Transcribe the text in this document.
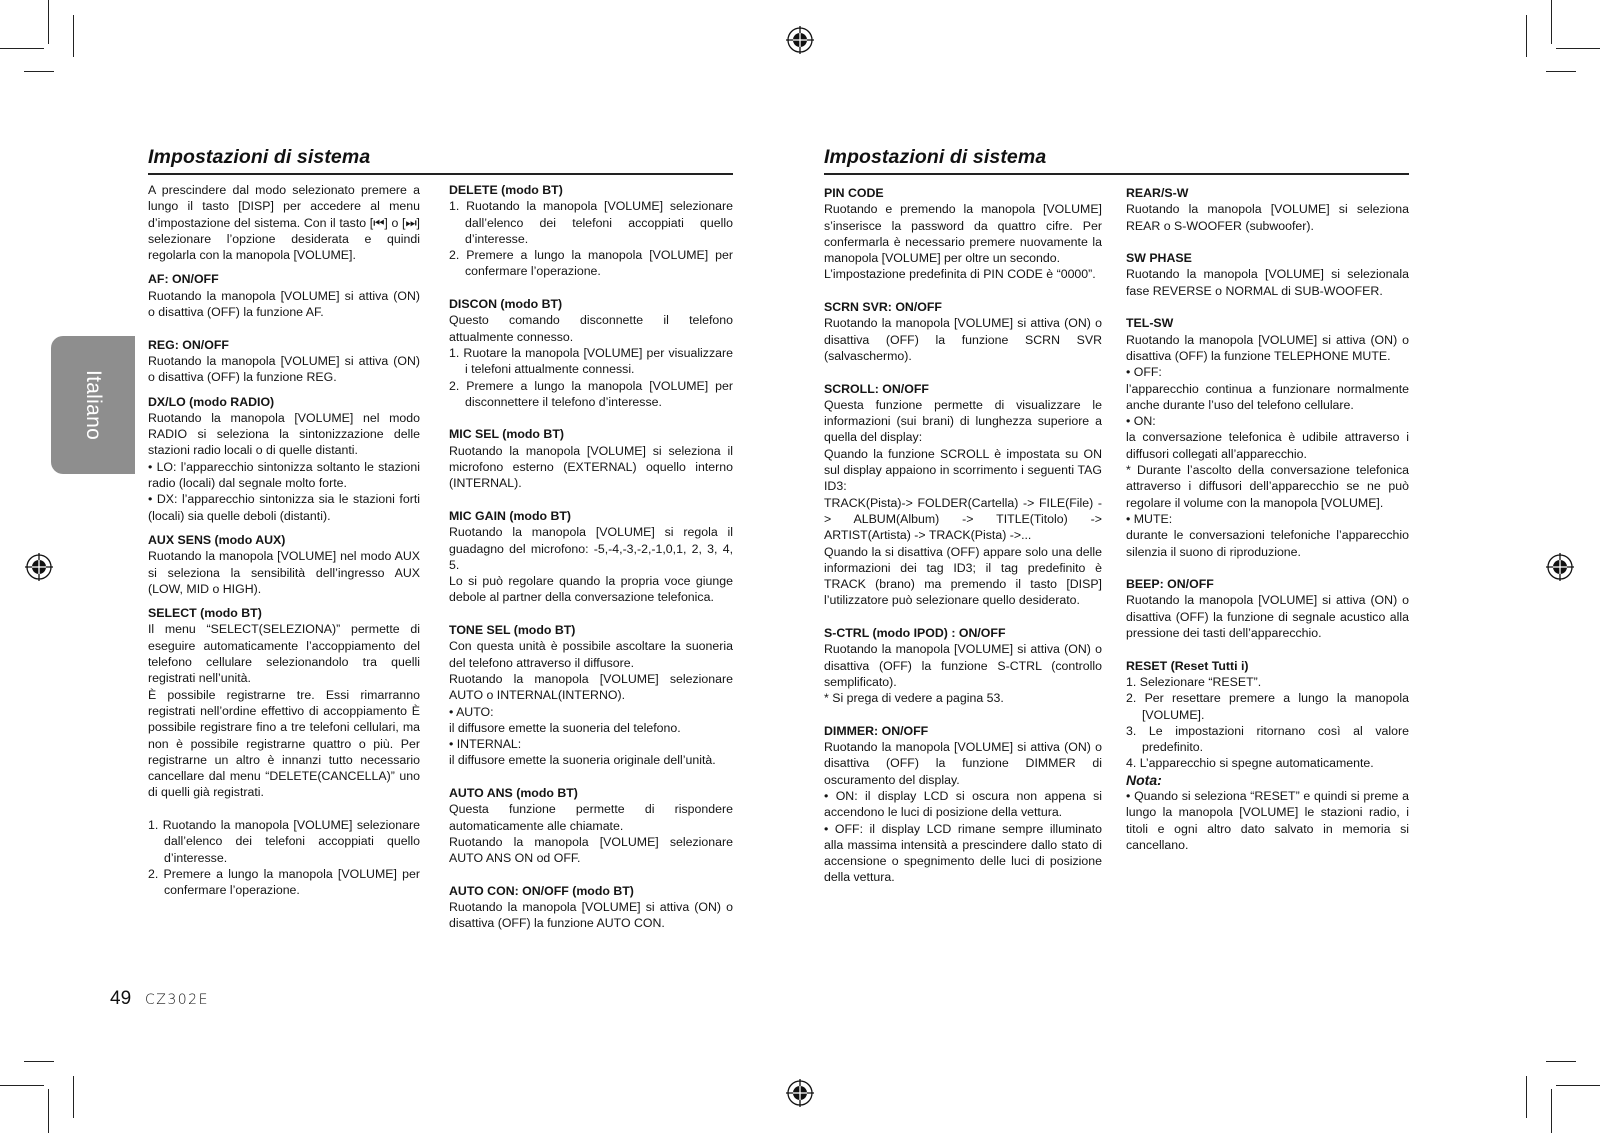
Impostazioni di sistema	Impostazioni di sistema
Italiano

A prescindere dal modo selezionato premere a lungo il tasto [DISP] per accedere al menu d’impostazione del sistema. Con il tasto [⏮] o [⏭] selezionare l’opzione desiderata e quindi regolarla con la manopola [VOLUME].

AF: ON/OFF

Ruotando la manopola [VOLUME] si attiva (ON) o disattiva (OFF) la funzione AF.

REG: ON/OFF

Ruotando la manopola [VOLUME] si attiva (ON) o disattiva (OFF) la funzione REG.

DX/LO (modo RADIO)

Ruotando la manopola [VOLUME] nel modo RADIO si seleziona la sintonizzazione delle stazioni radio locali o di quelle distanti.

• LO: l’apparecchio sintonizza soltanto le stazioni radio (locali) dal segnale molto forte.

• DX: l’apparecchio sintonizza sia le stazioni forti (locali) sia quelle deboli (distanti).

AUX SENS (modo AUX)

Ruotando la manopola [VOLUME] nel modo AUX si seleziona la sensibilità dell’ingresso AUX (LOW, MID o HIGH).

SELECT (modo BT)

Il menu “SELECT(SELEZIONA)” permette di eseguire automaticamente l’accoppiamento del telefono cellulare selezionandolo tra quelli registrati nell’unità.

È possibile registrarne tre. Essi rimarranno registrati nell’ordine effettivo di accoppiamento È possibile registrare fino a tre telefoni cellulari, ma non è possibile registrarne quattro o più. Per registrarne un altro è innanzi tutto necessario cancellare dal menu “DELETE(CANCELLA)” uno di quelli già registrati.

1. Ruotando la manopola [VOLUME] selezionare dall’elenco dei telefoni accoppiati quello d’interesse.

2. Premere a lungo la manopola [VOLUME] per confermare l’operazione.

DELETE (modo BT)

1. Ruotando la manopola [VOLUME] selezionare dall’elenco dei telefoni accoppiati quello d’interesse.

2. Premere a lungo la manopola [VOLUME] per confermare l’operazione.

DISCON (modo BT)

Questo comando disconnette il telefono attualmente connesso.

1. Ruotare la manopola [VOLUME] per visualizzare i telefoni attualmente connessi.

2. Premere a lungo la manopola [VOLUME] per disconnettere il telefono d’interesse.

MIC SEL (modo BT)

Ruotando la manopola [VOLUME] si seleziona il microfono esterno (EXTERNAL) oquello interno (INTERNAL).

MIC GAIN (modo BT)

Ruotando la manopola [VOLUME] si regola il guadagno del microfono: -5,-4,-3,-2,-1,0,1, 2, 3, 4, 5.

Lo si può regolare quando la propria voce giunge debole al partner della conversazione telefonica.

TONE SEL (modo BT)

Con questa unità è possibile ascoltare la suoneria del telefono attraverso il diffusore.

Ruotando la manopola [VOLUME] selezionare AUTO o INTERNAL(INTERNO).

• AUTO:

il diffusore emette la suoneria del telefono.

• INTERNAL:

il diffusore emette la suoneria originale dell’unità.

AUTO ANS (modo BT)

Questa funzione permette di rispondere automaticamente alle chiamate.

Ruotando la manopola [VOLUME] selezionare AUTO ANS ON od OFF.

AUTO CON: ON/OFF (modo BT)

Ruotando la manopola [VOLUME] si attiva (ON) o disattiva (OFF) la funzione AUTO CON.

PIN CODE

Ruotando e premendo la manopola [VOLUME] s’inserisce la password da quattro cifre. Per confermarla è necessario premere nuovamente la manopola [VOLUME] per oltre un secondo.

L’impostazione predefinita di PIN CODE è “0000”.

SCRN SVR: ON/OFF

Ruotando la manopola [VOLUME] si attiva (ON) o disattiva (OFF) la funzione SCRN SVR (salvaschermo).

SCROLL: ON/OFF

Questa funzione permette di visualizzare le informazioni (sui brani) di lunghezza superiore a quella del display:

Quando la funzione SCROLL è impostata su ON sul display appaiono in scorrimento i seguenti TAG ID3:

TRACK(Pista)-> FOLDER(Cartella) -> FILE(File) -> ALBUM(Album) -> TITLE(Titolo) -> ARTIST(Artista) -> TRACK(Pista) ->...

Quando la si disattiva (OFF) appare solo una delle informazioni dei tag ID3; il tag predefinito è TRACK (brano) ma premendo il tasto [DISP] l’utilizzatore può selezionare quello desiderato.

S-CTRL (modo IPOD) : ON/OFF

Ruotando la manopola [VOLUME] si attiva (ON) o disattiva (OFF) la funzione S-CTRL (controllo semplificato).

* Si prega di vedere a pagina 53.

DIMMER: ON/OFF

Ruotando la manopola [VOLUME] si attiva (ON) o disattiva (OFF) la funzione DIMMER di oscuramento del display.

• ON: il display LCD si oscura non appena si accendono le luci di posizione della vettura.

• OFF: il display LCD rimane sempre illuminato alla massima intensità a prescindere dallo stato di accensione o spegnimento delle luci di posizione della vettura.

REAR/S-W

Ruotando la manopola [VOLUME] si seleziona REAR o S-WOOFER (subwoofer).

SW PHASE

Ruotando la manopola [VOLUME] si selezionala fase REVERSE o NORMAL di SUB-WOOFER.

TEL-SW

Ruotando la manopola [VOLUME] si attiva (ON) o disattiva (OFF) la funzione TELEPHONE MUTE.

• OFF:

l’apparecchio continua a funzionare normalmente anche durante l’uso del telefono cellulare.

• ON:

la conversazione telefonica è udibile attraverso i diffusori collegati all’apparecchio.

* Durante l’ascolto della conversazione telefonica attraverso i diffusori dell’apparecchio se ne può regolare il volume con la manopola [VOLUME].

• MUTE:

durante le conversazioni telefoniche l’apparecchio silenzia il suono di riproduzione.

BEEP: ON/OFF

Ruotando la manopola [VOLUME] si attiva (ON) o disattiva (OFF) la funzione di segnale acustico alla pressione dei tasti dell’apparecchio.

RESET (Reset Tutti i)

1. Selezionare “RESET”.

2. Per resettare premere a lungo la manopola [VOLUME].

3. Le impostazioni ritornano così al valore predefinito.

4. L’apparecchio si spegne automaticamente.

Nota:

• Quando si seleziona “RESET” e quindi si preme a lungo la manopola [VOLUME] le stazioni radio, i titoli e ogni altro dato salvato in memoria si cancellano.

49 CZ302E
